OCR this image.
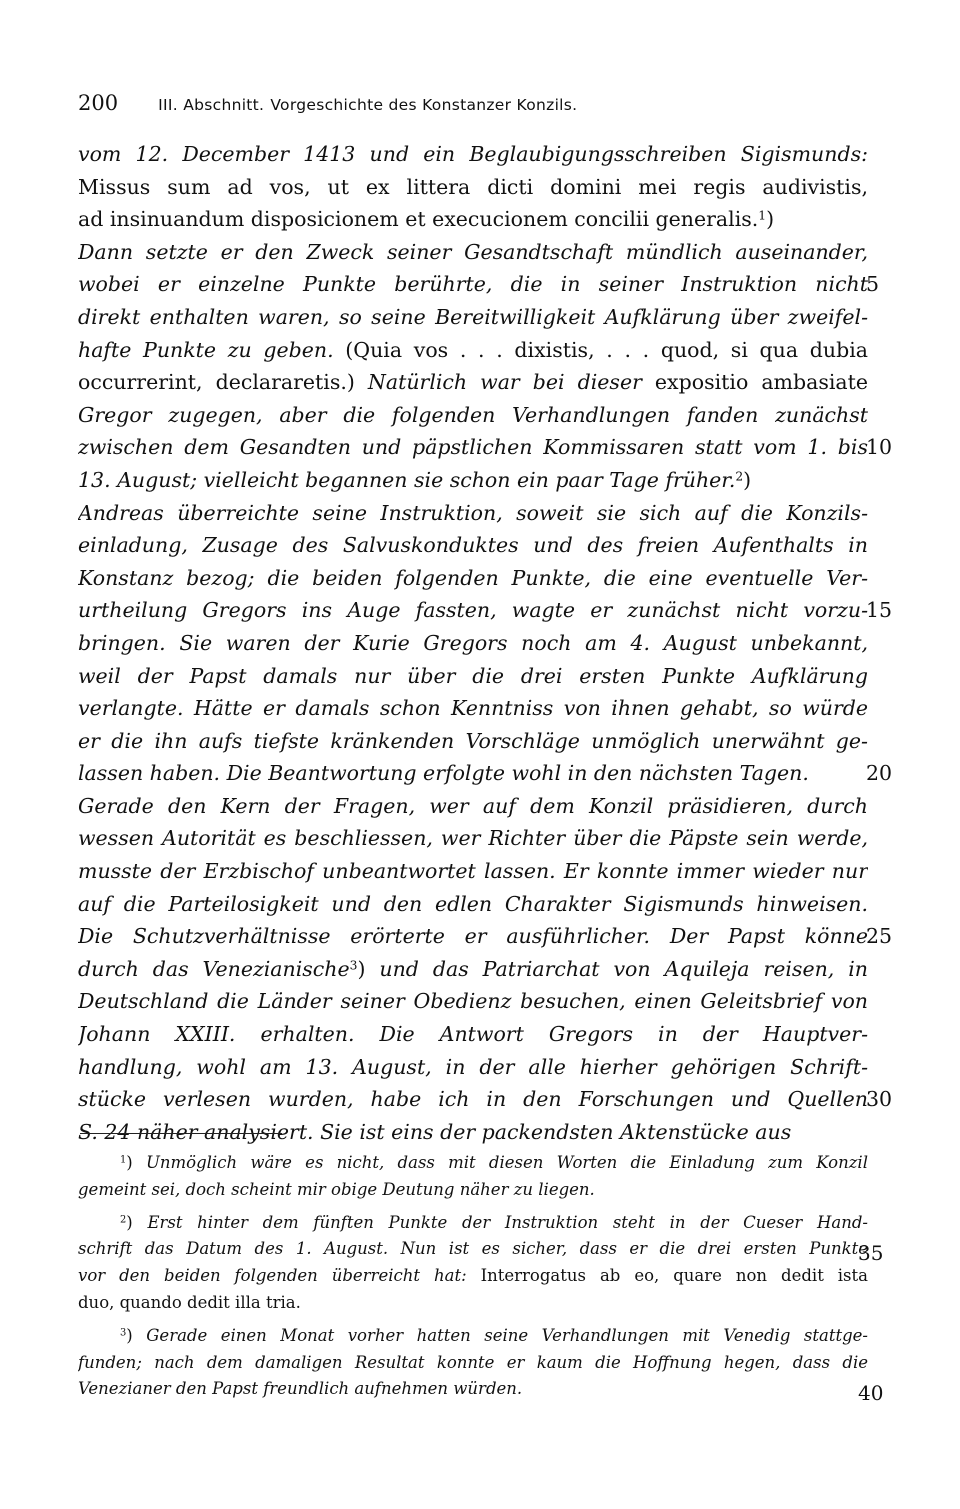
200	III. Abschnitt. Vorgeschichte des Konstanzer Konzils.
vom 12. December 1413 und ein Beglaubigungsschreiben Sigismunds:
Missus sum ad vos, ut ex littera dicti domini mei regis audivistis,
ad insinuandum disposicionem et execucionem concilii generalis.$^1$)
Dann setzte er den Zweck seiner Gesandtschaft mündlich auseinander,
wobei er einzelne Punkte berührte, die in seiner Instruktion nicht
direkt enthalten waren, so seine Bereitwilligkeit Aufklärung über zweifel-
hafte Punkte zu geben. (Quia vos . . . dixistis, . . . quod, si qua dubia
occurrerint, declararetis.) Natürlich war bei dieser expositio ambasiate
Gregor zugegen, aber die folgenden Verhandlungen fanden zunächst
zwischen dem Gesandten und päpstlichen Kommissaren statt vom 1. bis
13. August; vielleicht begannen sie schon ein paar Tage früher.$^2$)
Andreas überreichte seine Instruktion, soweit sie sich auf die Konzils-
einladung, Zusage des Salvuskonduktes und des freien Aufenthalts in
Konstanz bezog; die beiden folgenden Punkte, die eine eventuelle Ver-
urtheilung Gregors ins Auge fassten, wagte er zunächst nicht vorzu-
bringen. Sie waren der Kurie Gregors noch am 4. August unbekannt,
weil der Papst damals nur über die drei ersten Punkte Aufklärung
verlangte. Hätte er damals schon Kenntniss von ihnen gehabt, so würde
er die ihn aufs tiefste kränkenden Vorschläge unmöglich unerwähnt ge-
lassen haben. Die Beantwortung erfolgte wohl in den nächsten Tagen.
Gerade den Kern der Fragen, wer auf dem Konzil präsidieren, durch
wessen Autorität es beschliessen, wer Richter über die Päpste sein werde,
musste der Erzbischof unbeantwortet lassen. Er konnte immer wieder nur
auf die Parteilosigkeit und den edlen Charakter Sigismunds hinweisen.
Die Schutzverhältnisse erörterte er ausführlicher. Der Papst könne
durch das Venezianische$^3$) und das Patriarchat von Aquileja reisen, in
Deutschland die Länder seiner Obedienz besuchen, einen Geleitsbrief von
Johann XXIII. erhalten. Die Antwort Gregors in der Hauptver-
handlung, wohl am 13. August, in der alle hierher gehörigen Schrift-
stücke verlesen wurden, habe ich in den Forschungen und Quellen
S. 24 näher analysiert. Sie ist eins der packendsten Aktenstücke aus
5
10
15
20
25
30
$^1$) Unmöglich wäre es nicht, dass mit diesen Worten die Einladung zum Konzil
gemeint sei, doch scheint mir obige Deutung näher zu liegen.
$^2$) Erst hinter dem fünften Punkte der Instruktion steht in der Cueser Hand-
schrift das Datum des 1. August. Nun ist es sicher, dass er die drei ersten Punkte
vor den beiden folgenden überreicht hat: Interrogatus ab eo, quare non dedit ista
duo, quando dedit illa tria.
$^3$) Gerade einen Monat vorher hatten seine Verhandlungen mit Venedig stattge-
funden; nach dem damaligen Resultat konnte er kaum die Hoffnung hegen, dass die
Venezianer den Papst freundlich aufnehmen würden.
35
40
